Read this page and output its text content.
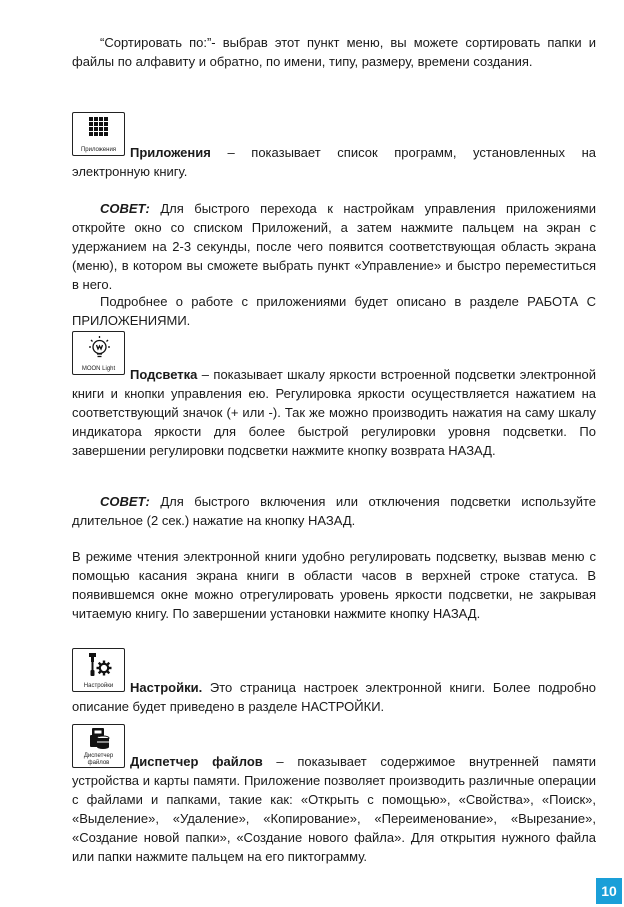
“Сортировать по:”- выбрав этот пункт меню, вы можете сортировать папки и файлы по алфавиту и обратно, по имени, типу, размеру, времени создания.

Приложения	Приложения – показывает список программ, установленных на электронную книгу.

СОВЕТ: Для быстрого перехода к настройкам управления приложениями откройте окно со списком Приложений, а затем нажмите пальцем на экран с удержанием на 2-3 секунды, после чего появится соответствующая область экрана (меню), в котором вы сможете выбрать пункт «Управление» и быстро переместиться в него.

Подробнее о работе с приложениями будет описано в разделе РАБОТА С ПРИЛОЖЕНИЯМИ.

MOON Light	Подсветка – показывает шкалу яркости встроенной подсветки электронной книги и кнопки управления ею. Регулировка яркости осуществляется нажатием на соответствующий значок (+ или -). Так же можно производить нажатия на саму шкалу индикатора яркости для более быстрой регулировки уровня подсветки. По завершении регулировки подсветки нажмите кнопку возврата НАЗАД.

СОВЕТ: Для быстрого включения или отключения подсветки используйте длительное (2 сек.) нажатие на кнопку НАЗАД.

В режиме чтения электронной книги удобно регулировать подсветку, вызвав меню с помощью касания экрана книги в области часов в верхней строке статуса. В появившемся окне можно отрегулировать уровень яркости подсветки, не закрывая читаемую книгу. По завершении установки нажмите кнопку НАЗАД.

Настройки	Настройки. Это страница настроек электронной книги. Более подробно описание будет приведено в разделе НАСТРОЙКИ.

Диспетчер
файлов	Диспетчер файлов – показывает содержимое внутренней памяти устройства и карты памяти. Приложение позволяет производить различные операции с файлами и папками, такие как: «Открыть с помощью», «Свойства», «Поиск», «Выделение», «Удаление», «Копирование», «Переименование», «Вырезание», «Создание новой папки», «Создание нового файла». Для открытия нужного файла или папки нажмите пальцем на его пиктограмму.

10
